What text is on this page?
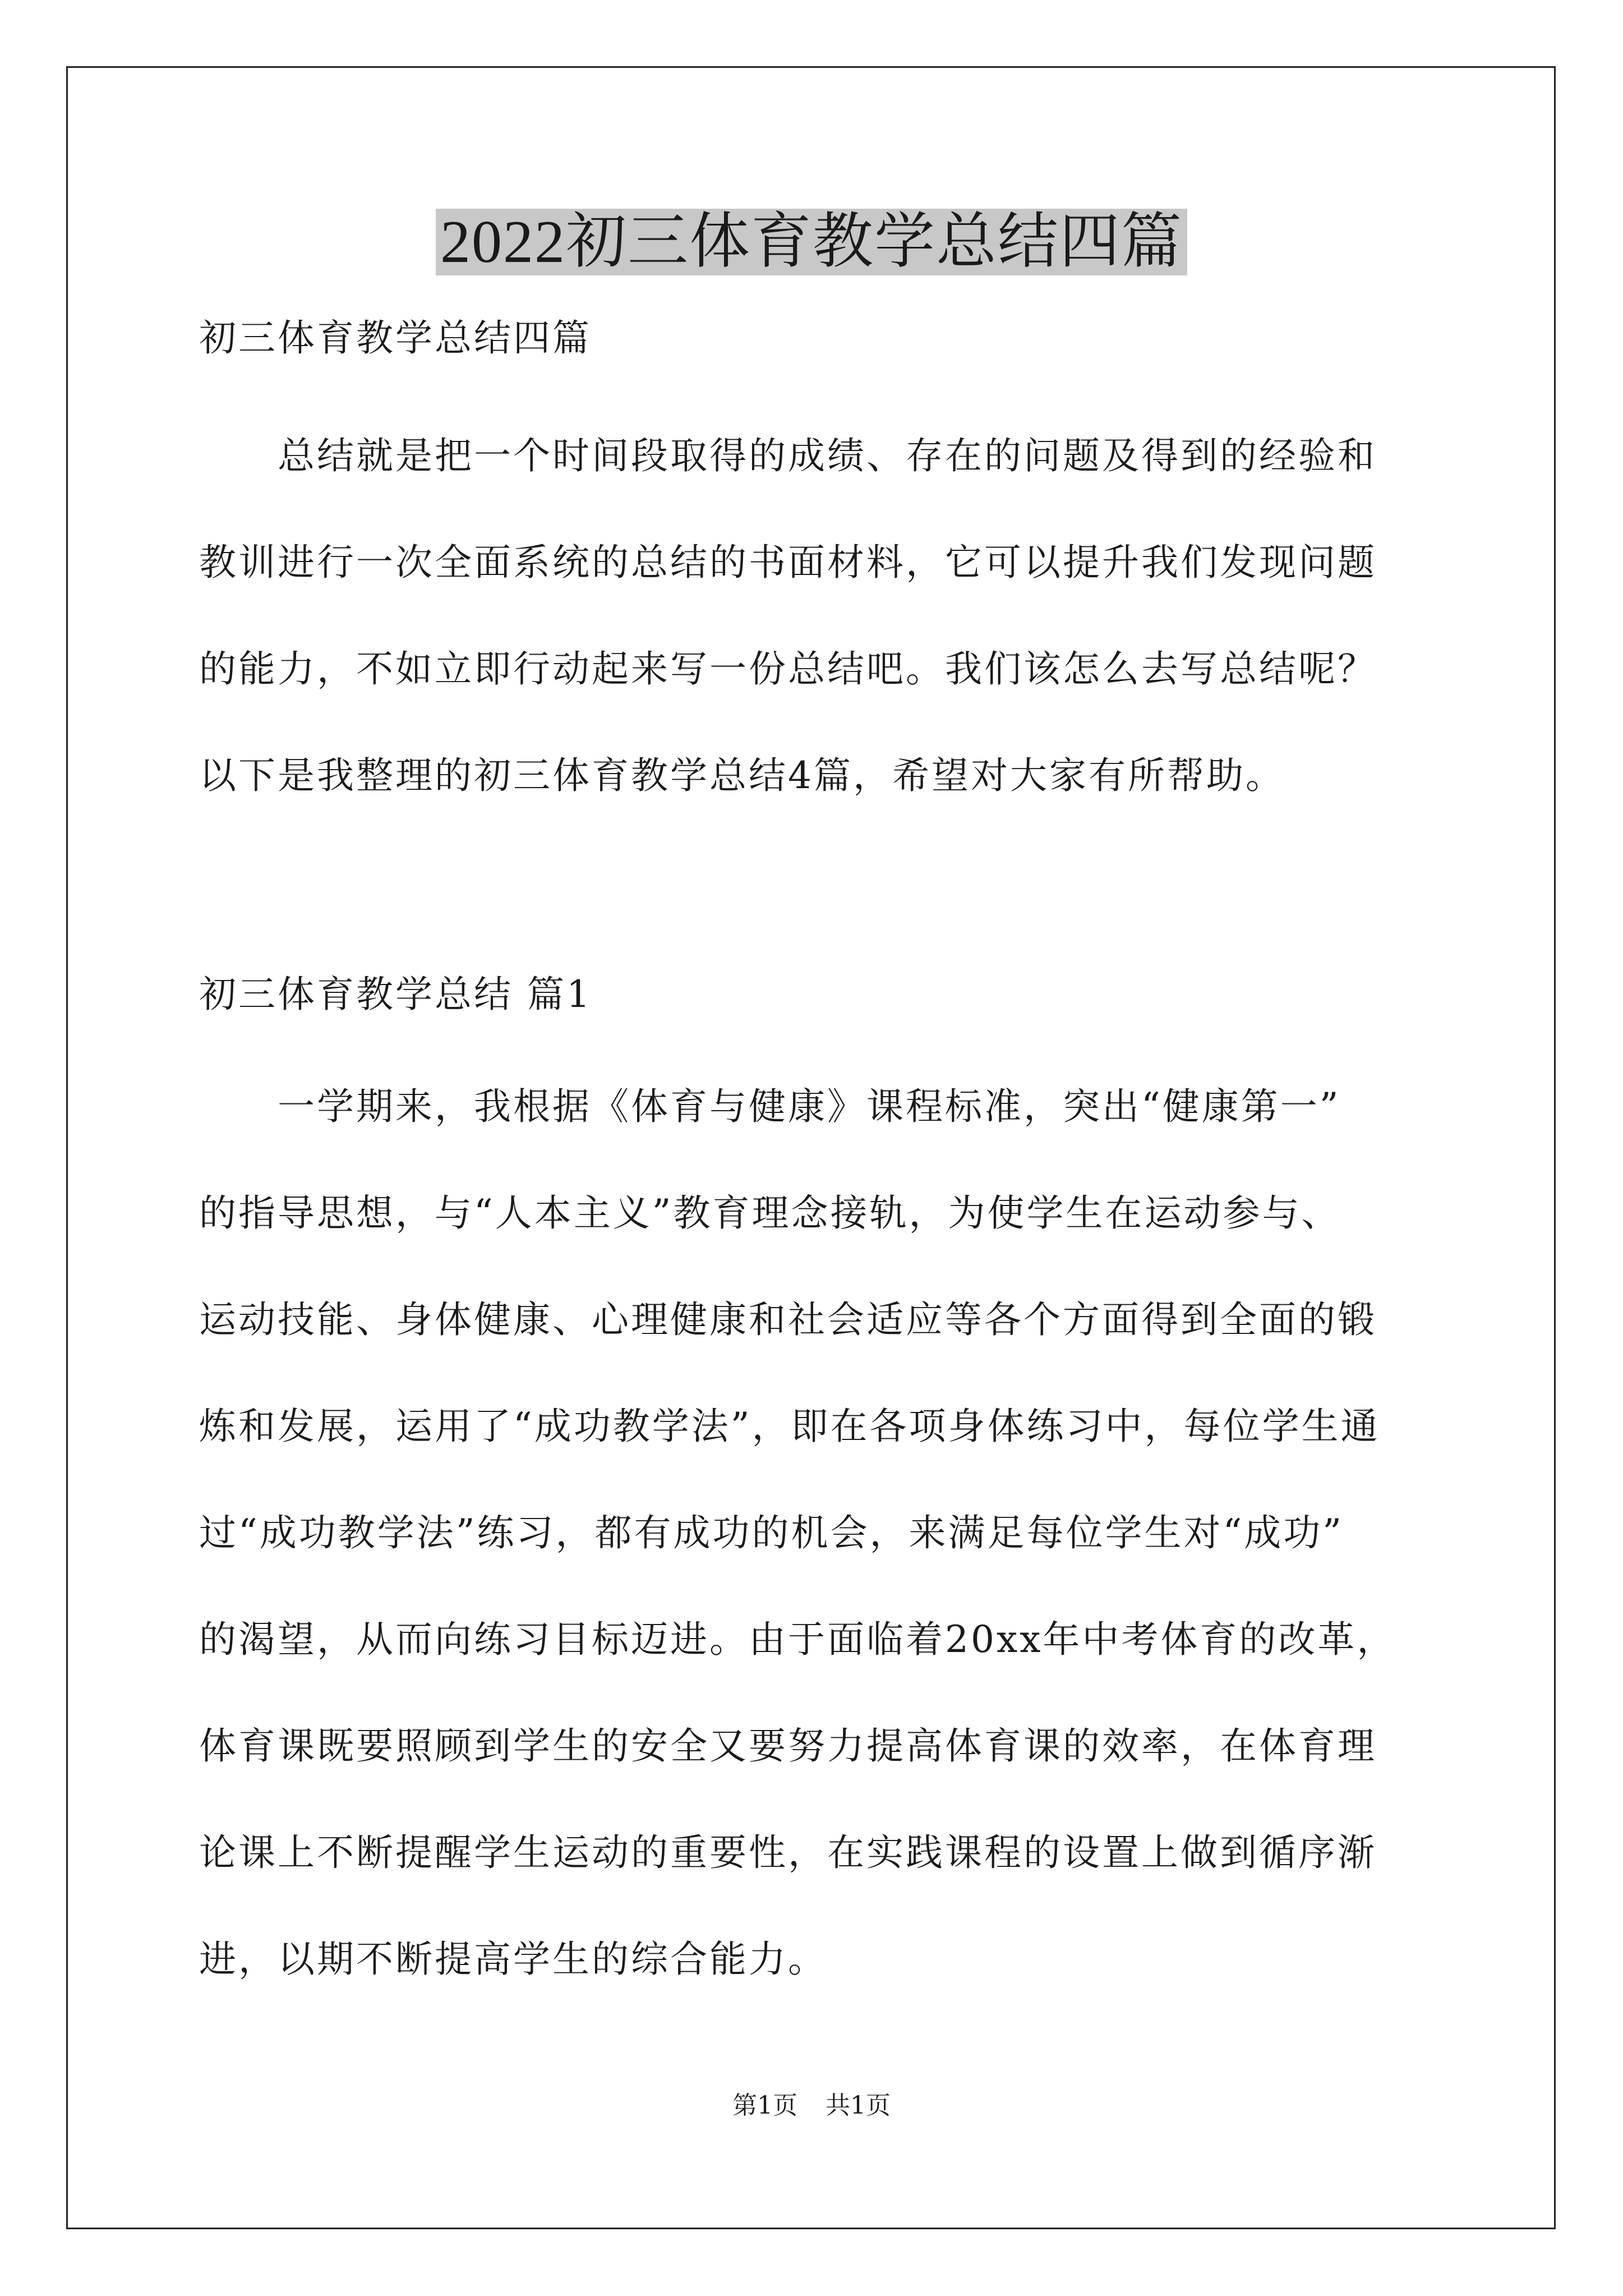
2022初三体育教学总结四篇
初三体育教学总结四篇
总结就是把一个时间段取得的成绩、存在的问题及得到的经验和
教训进行一次全面系统的总结的书面材料，它可以提升我们发现问题
的能力，不如立即行动起来写一份总结吧。我们该怎么去写总结呢？
以下是我整理的初三体育教学总结4篇，希望对大家有所帮助。
初三体育教学总结 篇1
一学期来，我根据《体育与健康》课程标准，突出“健康第一”
的指导思想，与“人本主义”教育理念接轨，为使学生在运动参与、
运动技能、身体健康、心理健康和社会适应等各个方面得到全面的锻
炼和发展，运用了“成功教学法”，即在各项身体练习中，每位学生通
过“成功教学法”练习，都有成功的机会，来满足每位学生对“成功”
的渴望，从而向练习目标迈进。由于面临着20xx年中考体育的改革，
体育课既要照顾到学生的安全又要努力提高体育课的效率，在体育理
论课上不断提醒学生运动的重要性，在实践课程的设置上做到循序渐
进，以期不断提高学生的综合能力。
第1页 共1页
